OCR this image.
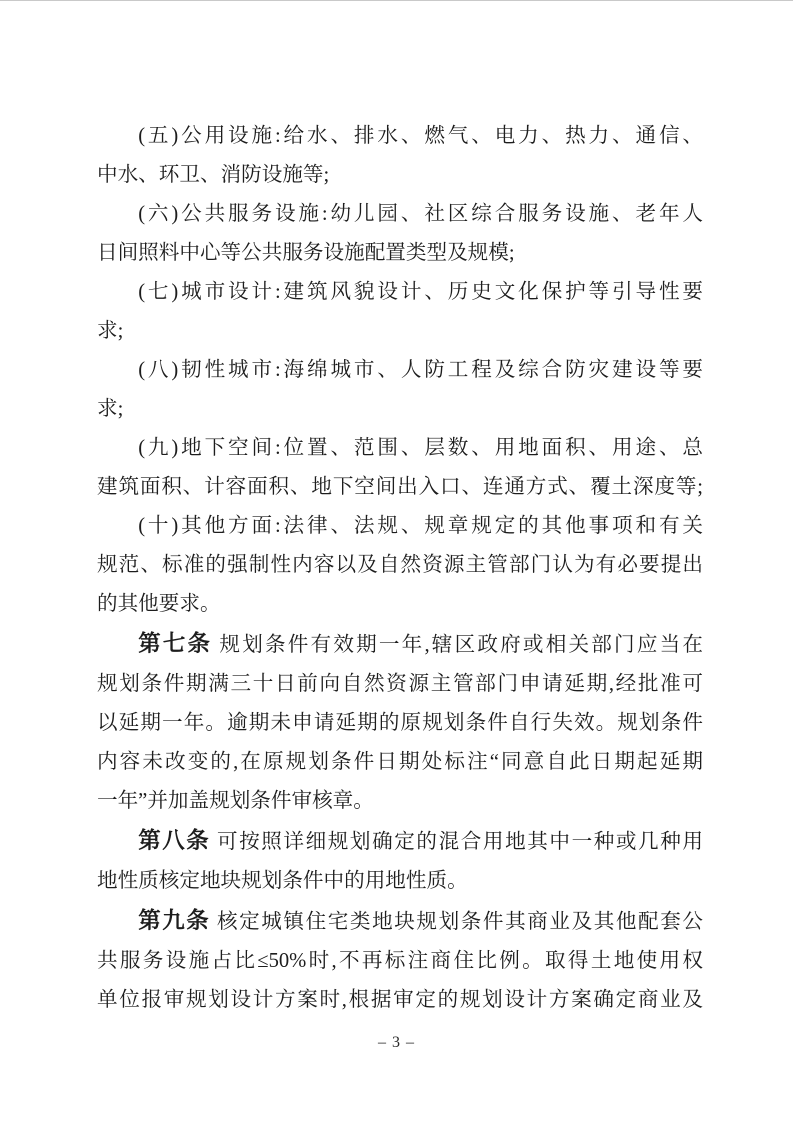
(五)公用设施:给水、排水、燃气、电力、热力、通信、
中水、环卫、消防设施等;
(六)公共服务设施:幼儿园、社区综合服务设施、老年人
日间照料中心等公共服务设施配置类型及规模;
(七)城市设计:建筑风貌设计、历史文化保护等引导性要
求;
(八)韧性城市:海绵城市、人防工程及综合防灾建设等要
求;
(九)地下空间:位置、范围、层数、用地面积、用途、总
建筑面积、计容面积、地下空间出入口、连通方式、覆土深度等;
(十)其他方面:法律、法规、规章规定的其他事项和有关
规范、标准的强制性内容以及自然资源主管部门认为有必要提出
的其他要求。
第七条 规划条件有效期一年,辖区政府或相关部门应当在
规划条件期满三十日前向自然资源主管部门申请延期,经批准可
以延期一年。逾期未申请延期的原规划条件自行失效。规划条件
内容未改变的,在原规划条件日期处标注“同意自此日期起延期
一年”并加盖规划条件审核章。
第八条 可按照详细规划确定的混合用地其中一种或几种用
地性质核定地块规划条件中的用地性质。
第九条 核定城镇住宅类地块规划条件其商业及其他配套公
共服务设施占比≤50%时,不再标注商住比例。取得土地使用权
单位报审规划设计方案时,根据审定的规划设计方案确定商业及
– 3 –
